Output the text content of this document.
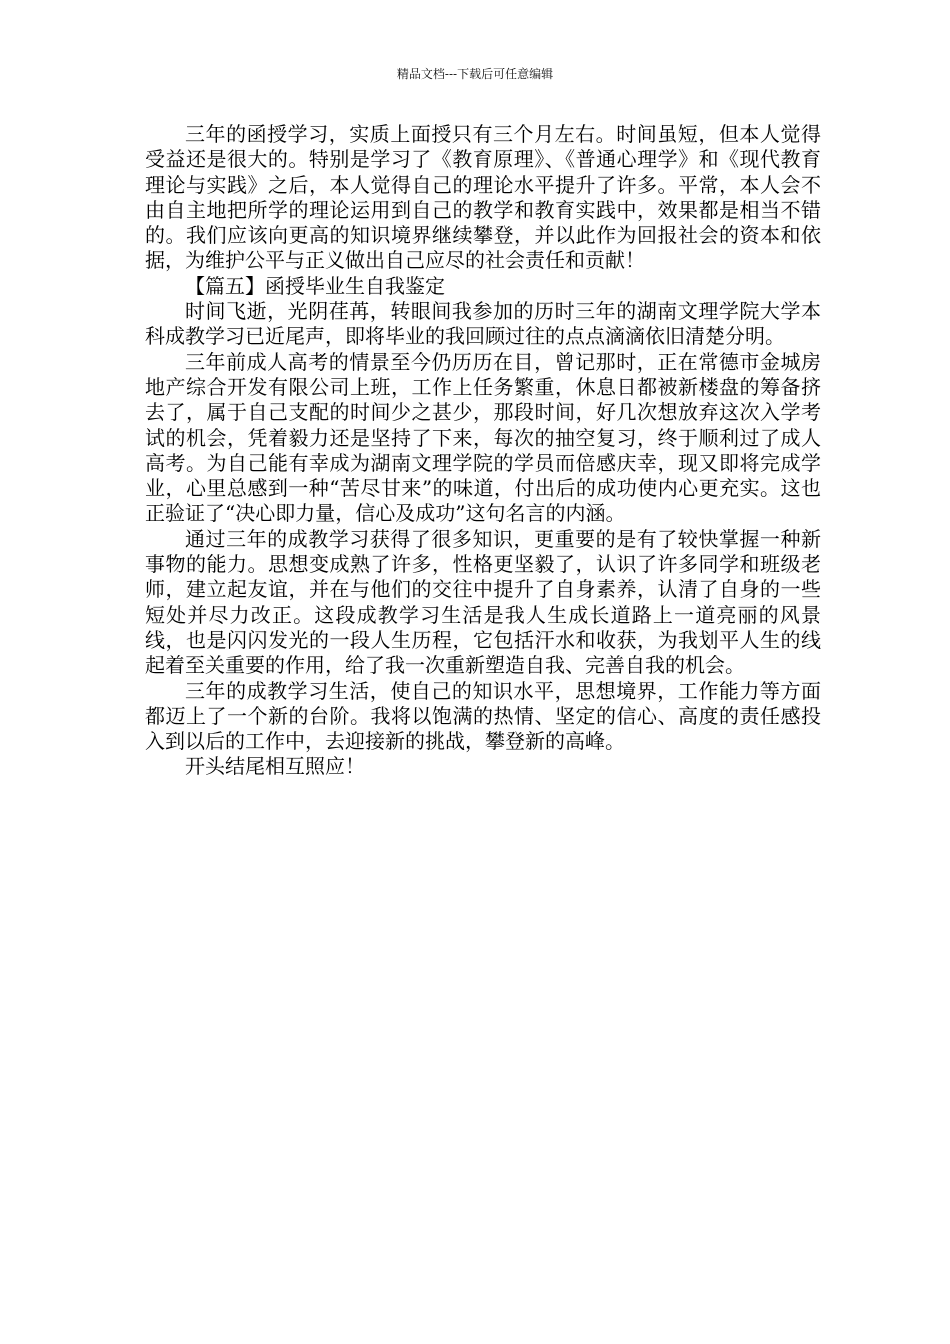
精品文档---下载后可任意编辑

三年的函授学习，实质上面授只有三个月左右。时间虽短，但本人觉得受益还是很大的。特别是学习了《教育原理》、《普通心理学》和《现代教育理论与实践》之后，本人觉得自己的理论水平提升了许多。平常，本人会不由自主地把所学的理论运用到自己的教学和教育实践中，效果都是相当不错的。我们应该向更高的知识境界继续攀登，并以此作为回报社会的资本和依据，为维护公平与正义做出自己应尽的社会责任和贡献！

【篇五】函授毕业生自我鉴定

时间飞逝，光阴荏苒，转眼间我参加的历时三年的湖南文理学院大学本科成教学习已近尾声，即将毕业的我回顾过往的点点滴滴依旧清楚分明。

三年前成人高考的情景至今仍历历在目，曾记那时，正在常德市金城房地产综合开发有限公司上班，工作上任务繁重，休息日都被新楼盘的筹备挤去了，属于自己支配的时间少之甚少，那段时间，好几次想放弃这次入学考试的机会，凭着毅力还是坚持了下来，每次的抽空复习，终于顺利过了成人高考。为自己能有幸成为湖南文理学院的学员而倍感庆幸，现又即将完成学业，心里总感到一种“苦尽甘来”的味道，付出后的成功使内心更充实。这也正验证了“决心即力量，信心及成功”这句名言的内涵。

通过三年的成教学习获得了很多知识，更重要的是有了较快掌握一种新事物的能力。思想变成熟了许多，性格更坚毅了，认识了许多同学和班级老师，建立起友谊，并在与他们的交往中提升了自身素养，认清了自身的一些短处并尽力改正。这段成教学习生活是我人生成长道路上一道亮丽的风景线，也是闪闪发光的一段人生历程，它包括汗水和收获，为我划平人生的线起着至关重要的作用，给了我一次重新塑造自我、完善自我的机会。

三年的成教学习生活，使自己的知识水平，思想境界，工作能力等方面都迈上了一个新的台阶。我将以饱满的热情、坚定的信心、高度的责任感投入到以后的工作中，去迎接新的挑战，攀登新的高峰。

开头结尾相互照应！
